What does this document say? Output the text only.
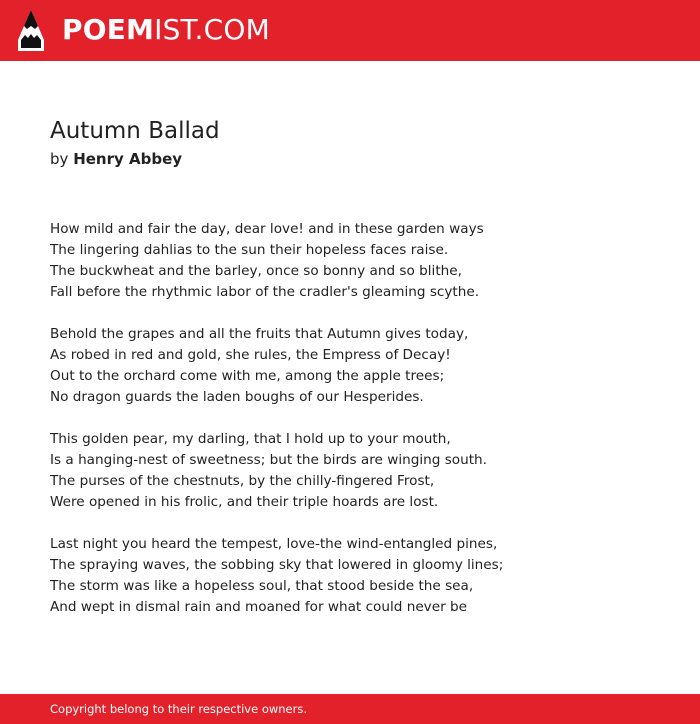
POEMIST.COM
Autumn Ballad
by Henry Abbey
How mild and fair the day, dear love! and in these garden ways
The lingering dahlias to the sun their hopeless faces raise.
The buckwheat and the barley, once so bonny and so blithe,
Fall before the rhythmic labor of the cradler's gleaming scythe.
Behold the grapes and all the fruits that Autumn gives today,
As robed in red and gold, she rules, the Empress of Decay!
Out to the orchard come with me, among the apple trees;
No dragon guards the laden boughs of our Hesperides.
This golden pear, my darling, that I hold up to your mouth,
Is a hanging-nest of sweetness; but the birds are winging south.
The purses of the chestnuts, by the chilly-fingered Frost,
Were opened in his frolic, and their triple hoards are lost.
Last night you heard the tempest, love-the wind-entangled pines,
The spraying waves, the sobbing sky that lowered in gloomy lines;
The storm was like a hopeless soul, that stood beside the sea,
And wept in dismal rain and moaned for what could never be
Copyright belong to their respective owners.
